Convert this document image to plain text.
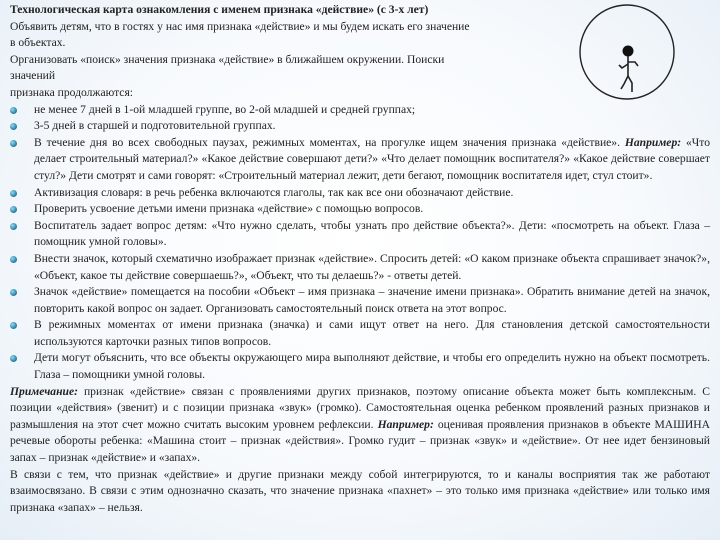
Технологическая карта ознакомления с именем признака «действие» (с 3-х лет)
Объявить детям, что в гостях у нас имя признака «действие» и мы будем искать его значение
в объектах.
Организовать «поиск» значения признака «действие» в ближайшем окружении. Поиски
значений
признака продолжаются:
не менее 7 дней в 1-ой младшей группе, во 2-ой младшей и средней группах;
3-5 дней в старшей и подготовительной группах.
В течение дня во всех свободных паузах, режимных моментах, на прогулке ищем значения признака «действие». Например: «Что делает строительный материал?» «Какое действие совершают дети?» «Что делает помощник воспитателя?» «Какое действие совершает стул?» Дети смотрят и сами говорят: «Строительный материал лежит, дети бегают, помощник воспитателя идет, стул стоит».
Активизация словаря: в речь ребенка включаются глаголы, так как все они обозначают действие.
Проверить усвоение детьми имени признака «действие» с помощью вопросов.
Воспитатель задает вопрос детям: «Что нужно сделать, чтобы узнать про действие объекта?». Дети: «посмотреть на объект. Глаза – помощник умной головы».
Внести значок, который схематично изображает признак «действие». Спросить детей: «О каком признаке объекта спрашивает значок?», «Объект, какое ты действие совершаешь?», «Объект, что ты делаешь?» - ответы детей.
Значок «действие» помещается на пособии «Объект – имя признака – значение имени признака». Обратить внимание детей на значок, повторить какой вопрос он задает. Организовать самостоятельный поиск ответа на этот вопрос.
В режимных моментах от имени признака (значка) и сами ищут ответ на него. Для становления детской самостоятельности используются карточки разных типов вопросов.
Дети могут объяснить, что все объекты окружающего мира выполняют действие, и чтобы его определить нужно на объект посмотреть. Глаза – помощники умной головы.
Примечание: признак «действие» связан с проявлениями других признаков, поэтому описание объекта может быть комплексным. С позиции «действия» (звенит) и с позиции признака «звук» (громко). Самостоятельная оценка ребенком проявлений разных признаков и размышления на этот счет можно считать высоким уровнем рефлексии. Например: оценивая проявления признаков в объекте МАШИНА речевые обороты ребенка: «Машина стоит – признак «действия». Громко гудит – признак «звук» и «действие». От нее идет бензиновый запах – признак «действие» и «запах».
В связи с тем, что признак «действие» и другие признаки между собой интегрируются, то и каналы восприятия так же работают взаимосвязано. В связи с этим однозначно сказать, что значение признака «пахнет» – это только имя признака «действие» или только имя признака «запах» – нельзя.
